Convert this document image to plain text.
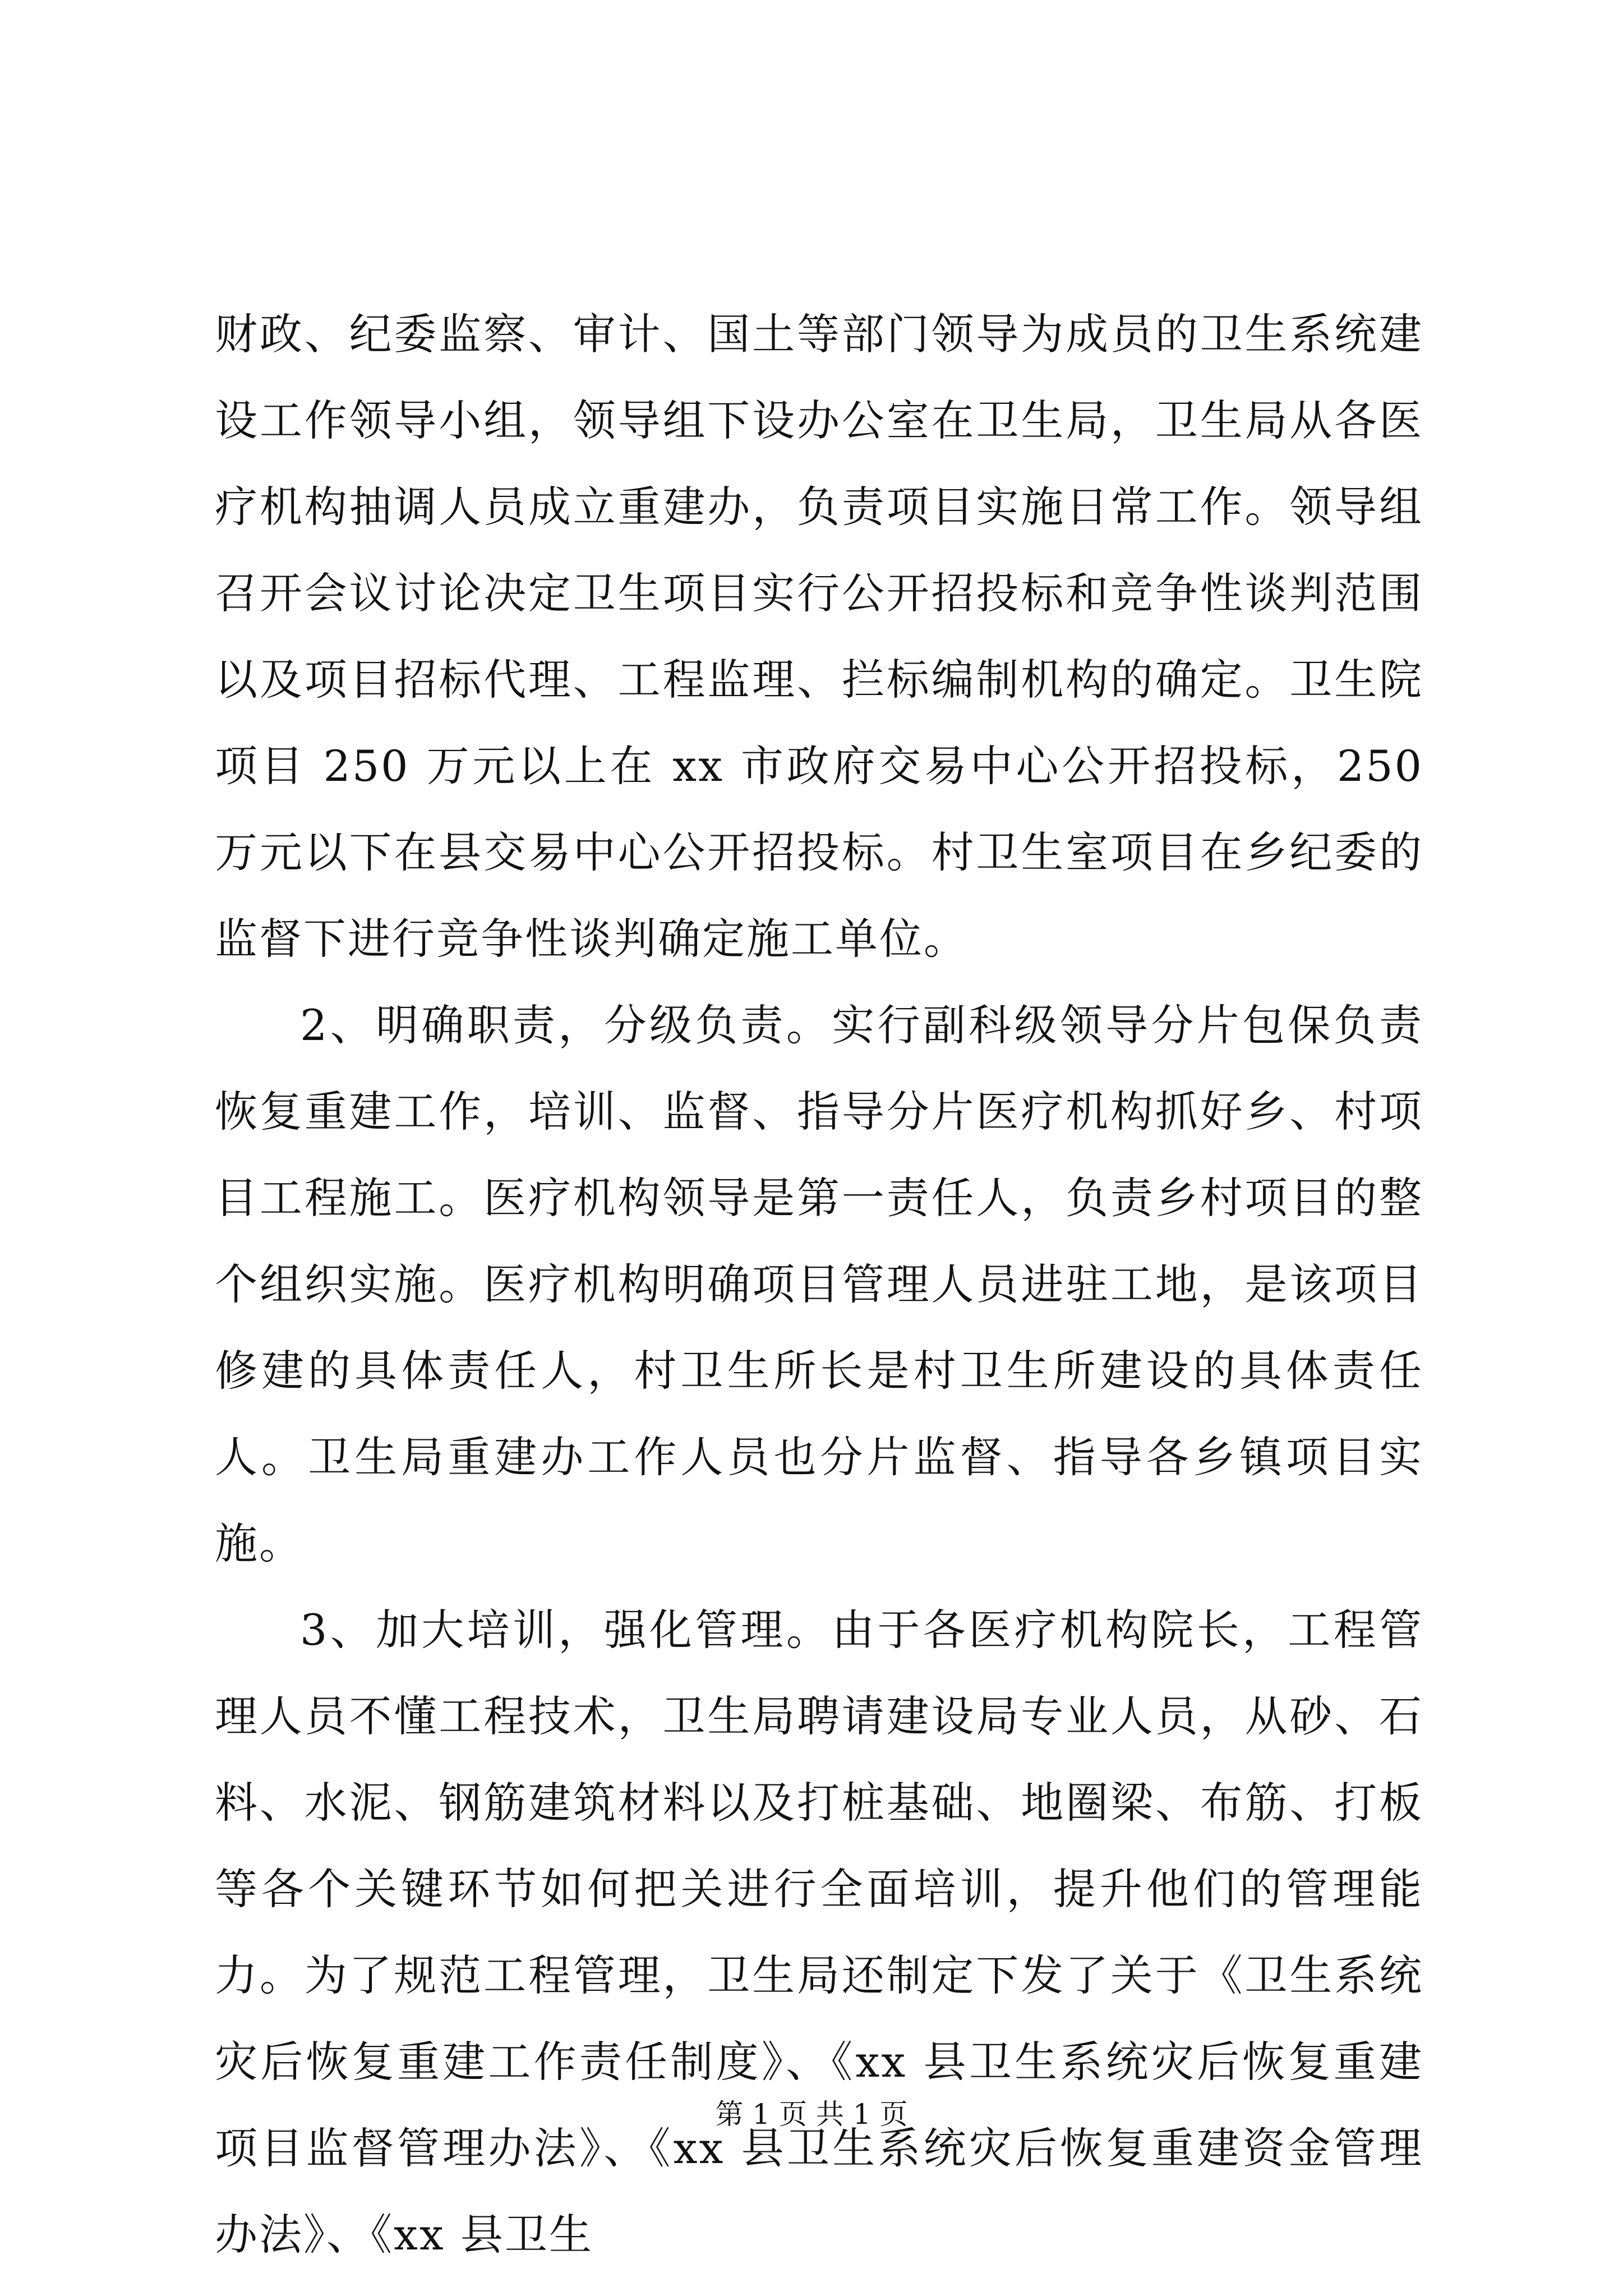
财政、纪委监察、审计、国土等部门领导为成员的卫生系统建设工作领导小组，领导组下设办公室在卫生局，卫生局从各医疗机构抽调人员成立重建办，负责项目实施日常工作。领导组召开会议讨论决定卫生项目实行公开招投标和竞争性谈判范围以及项目招标代理、工程监理、拦标编制机构的确定。卫生院项目 250 万元以上在 xx 市政府交易中心公开招投标，250 万元以下在县交易中心公开招投标。村卫生室项目在乡纪委的监督下进行竞争性谈判确定施工单位。

2、明确职责，分级负责。实行副科级领导分片包保负责恢复重建工作，培训、监督、指导分片医疗机构抓好乡、村项目工程施工。医疗机构领导是第一责任人，负责乡村项目的整个组织实施。医疗机构明确项目管理人员进驻工地，是该项目修建的具体责任人，村卫生所长是村卫生所建设的具体责任人。卫生局重建办工作人员也分片监督、指导各乡镇项目实施。

3、加大培训，强化管理。由于各医疗机构院长，工程管理人员不懂工程技术，卫生局聘请建设局专业人员，从砂、石料、水泥、钢筋建筑材料以及打桩基础、地圈梁、布筋、打板等各个关键环节如何把关进行全面培训，提升他们的管理能力。为了规范工程管理，卫生局还制定下发了关于《卫生系统灾后恢复重建工作责任制度》、《xx 县卫生系统灾后恢复重建项目监督管理办法》、《xx 县卫生系统灾后恢复重建资金管理办法》、《xx 县卫生

第 1 页 共 1 页
